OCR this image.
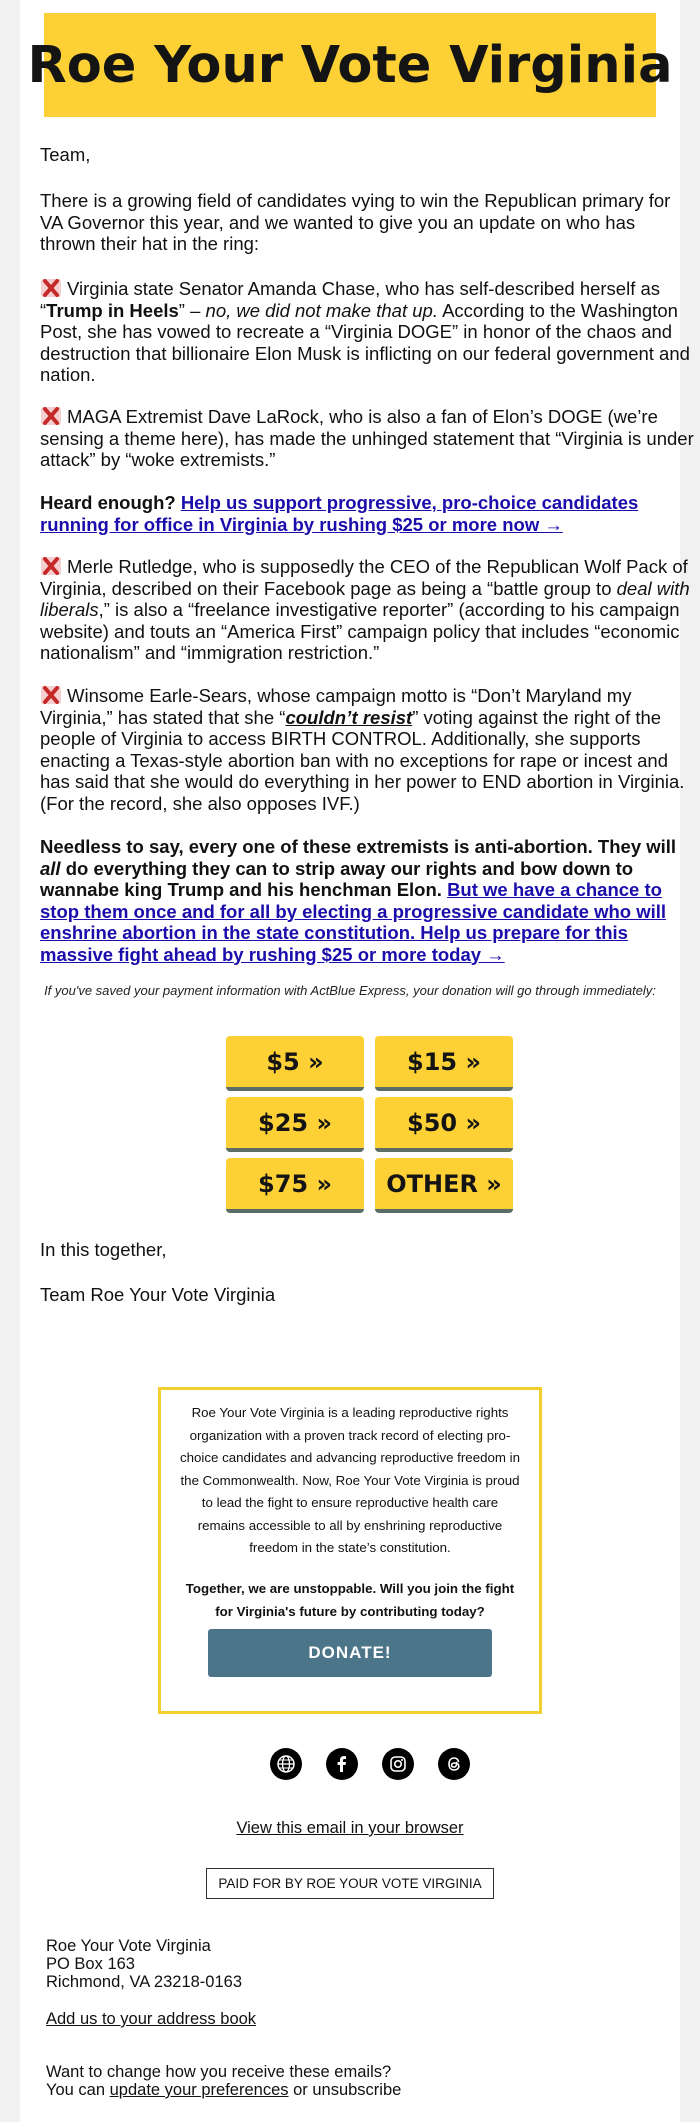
Roe Your Vote Virginia

Team,

There is a growing field of candidates vying to win the Republican primary for VA Governor this year, and we wanted to give you an update on who has thrown their hat in the ring:

Virginia state Senator Amanda Chase, who has self-described herself as “Trump in Heels” – no, we did not make that up. According to the Washington Post, she has vowed to recreate a “Virginia DOGE” in honor of the chaos and destruction that billionaire Elon Musk is inflicting on our federal government and nation.

MAGA Extremist Dave LaRock, who is also a fan of Elon’s DOGE (we’re sensing a theme here), has made the unhinged statement that “Virginia is under attack” by “woke extremists.”

Heard enough? Help us support progressive, pro-choice candidates running for office in Virginia by rushing $25 or more now →

Merle Rutledge, who is supposedly the CEO of the Republican Wolf Pack of Virginia, described on their Facebook page as being a “battle group to deal with liberals,” is also a “freelance investigative reporter” (according to his campaign website) and touts an “America First” campaign policy that includes “economic nationalism” and “immigration restriction.”

Winsome Earle-Sears, whose campaign motto is “Don’t Maryland my Virginia,” has stated that she “couldn’t resist” voting against the right of the people of Virginia to access BIRTH CONTROL. Additionally, she supports enacting a Texas-style abortion ban with no exceptions for rape or incest and has said that she would do everything in her power to END abortion in Virginia. (For the record, she also opposes IVF.)

Needless to say, every one of these extremists is anti-abortion. They will all do everything they can to strip away our rights and bow down to wannabe king Trump and his henchman Elon. But we have a chance to stop them once and for all by electing a progressive candidate who will enshrine abortion in the state constitution. Help us prepare for this massive fight ahead by rushing $25 or more today →

If you've saved your payment information with ActBlue Express, your donation will go through immediately:
$5 »	$15 »
$25 »	$50 »
$75 »	OTHER »
In this together,
Team Roe Your Vote Virginia
Roe Your Vote Virginia is a leading reproductive rights organization with a proven track record of electing pro-choice candidates and advancing reproductive freedom in the Commonwealth. Now, Roe Your Vote Virginia is proud to lead the fight to ensure reproductive health care remains accessible to all by enshrining reproductive freedom in the state’s constitution.
Together, we are unstoppable. Will you join the fight for Virginia's future by contributing today?
DONATE!
View this email in your browser
PAID FOR BY ROE YOUR VOTE VIRGINIA
Roe Your Vote Virginia
PO Box 163
Richmond, VA 23218-0163
Add us to your address book
Want to change how you receive these emails?
You can update your preferences or unsubscribe
